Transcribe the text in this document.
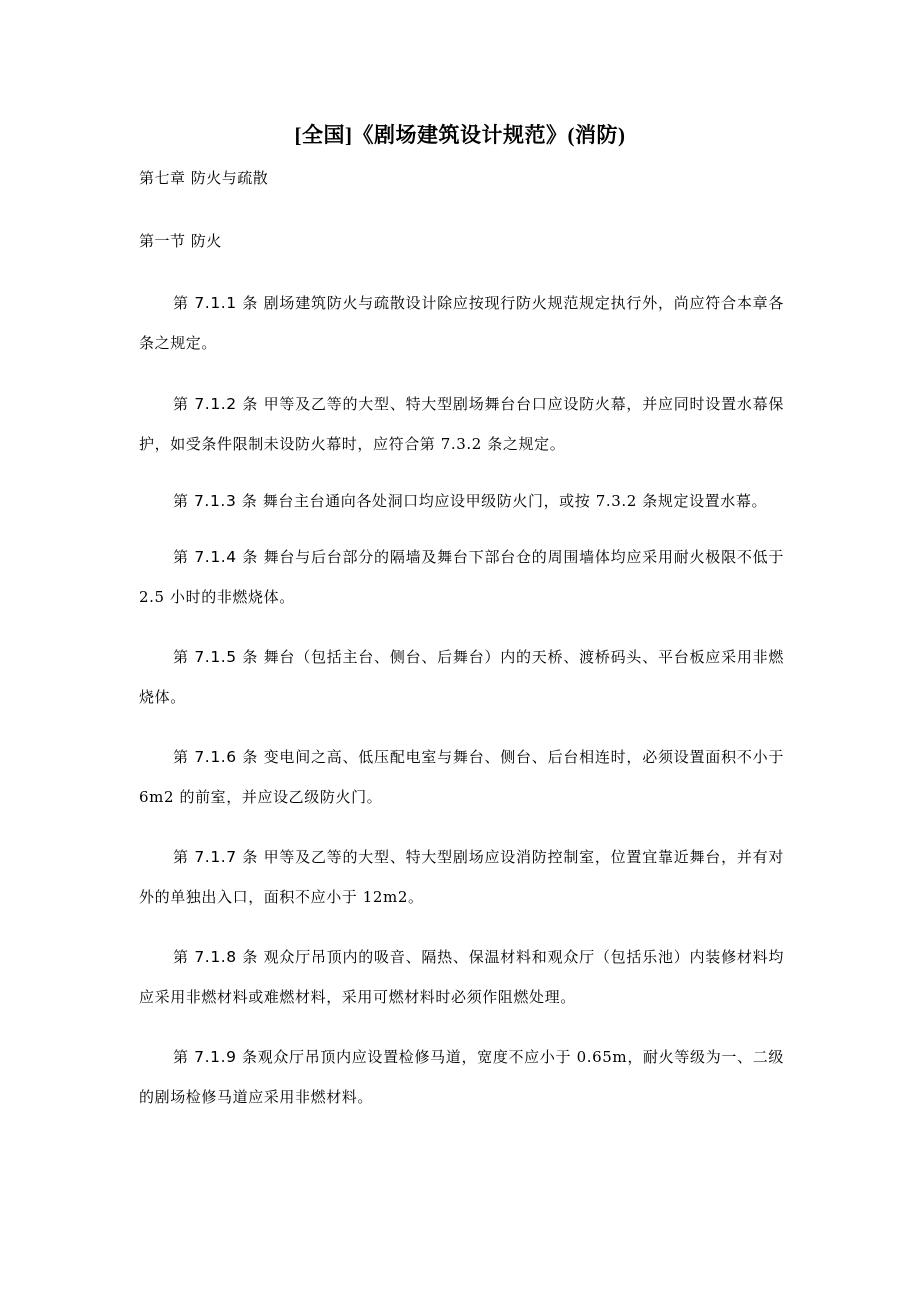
[全国]《剧场建筑设计规范》(消防)
第七章 防火与疏散
第一节 防火
第 7.1.1 条 剧场建筑防火与疏散设计除应按现行防火规范规定执行外，尚应符合本章各条之规定。
第 7.1.2 条 甲等及乙等的大型、特大型剧场舞台台口应设防火幕，并应同时设置水幕保护，如受条件限制未设防火幕时，应符合第 7.3.2 条之规定。
第 7.1.3 条 舞台主台通向各处洞口均应设甲级防火门，或按 7.3.2 条规定设置水幕。
第 7.1.4 条 舞台与后台部分的隔墙及舞台下部台仓的周围墙体均应采用耐火极限不低于 2.5 小时的非燃烧体。
第 7.1.5 条 舞台（包括主台、侧台、后舞台）内的天桥、渡桥码头、平台板应采用非燃烧体。
第 7.1.6 条 变电间之高、低压配电室与舞台、侧台、后台相连时，必须设置面积不小于 6m2 的前室，并应设乙级防火门。
第 7.1.7 条 甲等及乙等的大型、特大型剧场应设消防控制室，位置宜靠近舞台，并有对外的单独出入口，面积不应小于 12m2。
第 7.1.8 条 观众厅吊顶内的吸音、隔热、保温材料和观众厅（包括乐池）内装修材料均应采用非燃材料或难燃材料，采用可燃材料时必须作阻燃处理。
第 7.1.9 条观众厅吊顶内应设置检修马道，宽度不应小于 0.65m，耐火等级为一、二级的剧场检修马道应采用非燃材料。
